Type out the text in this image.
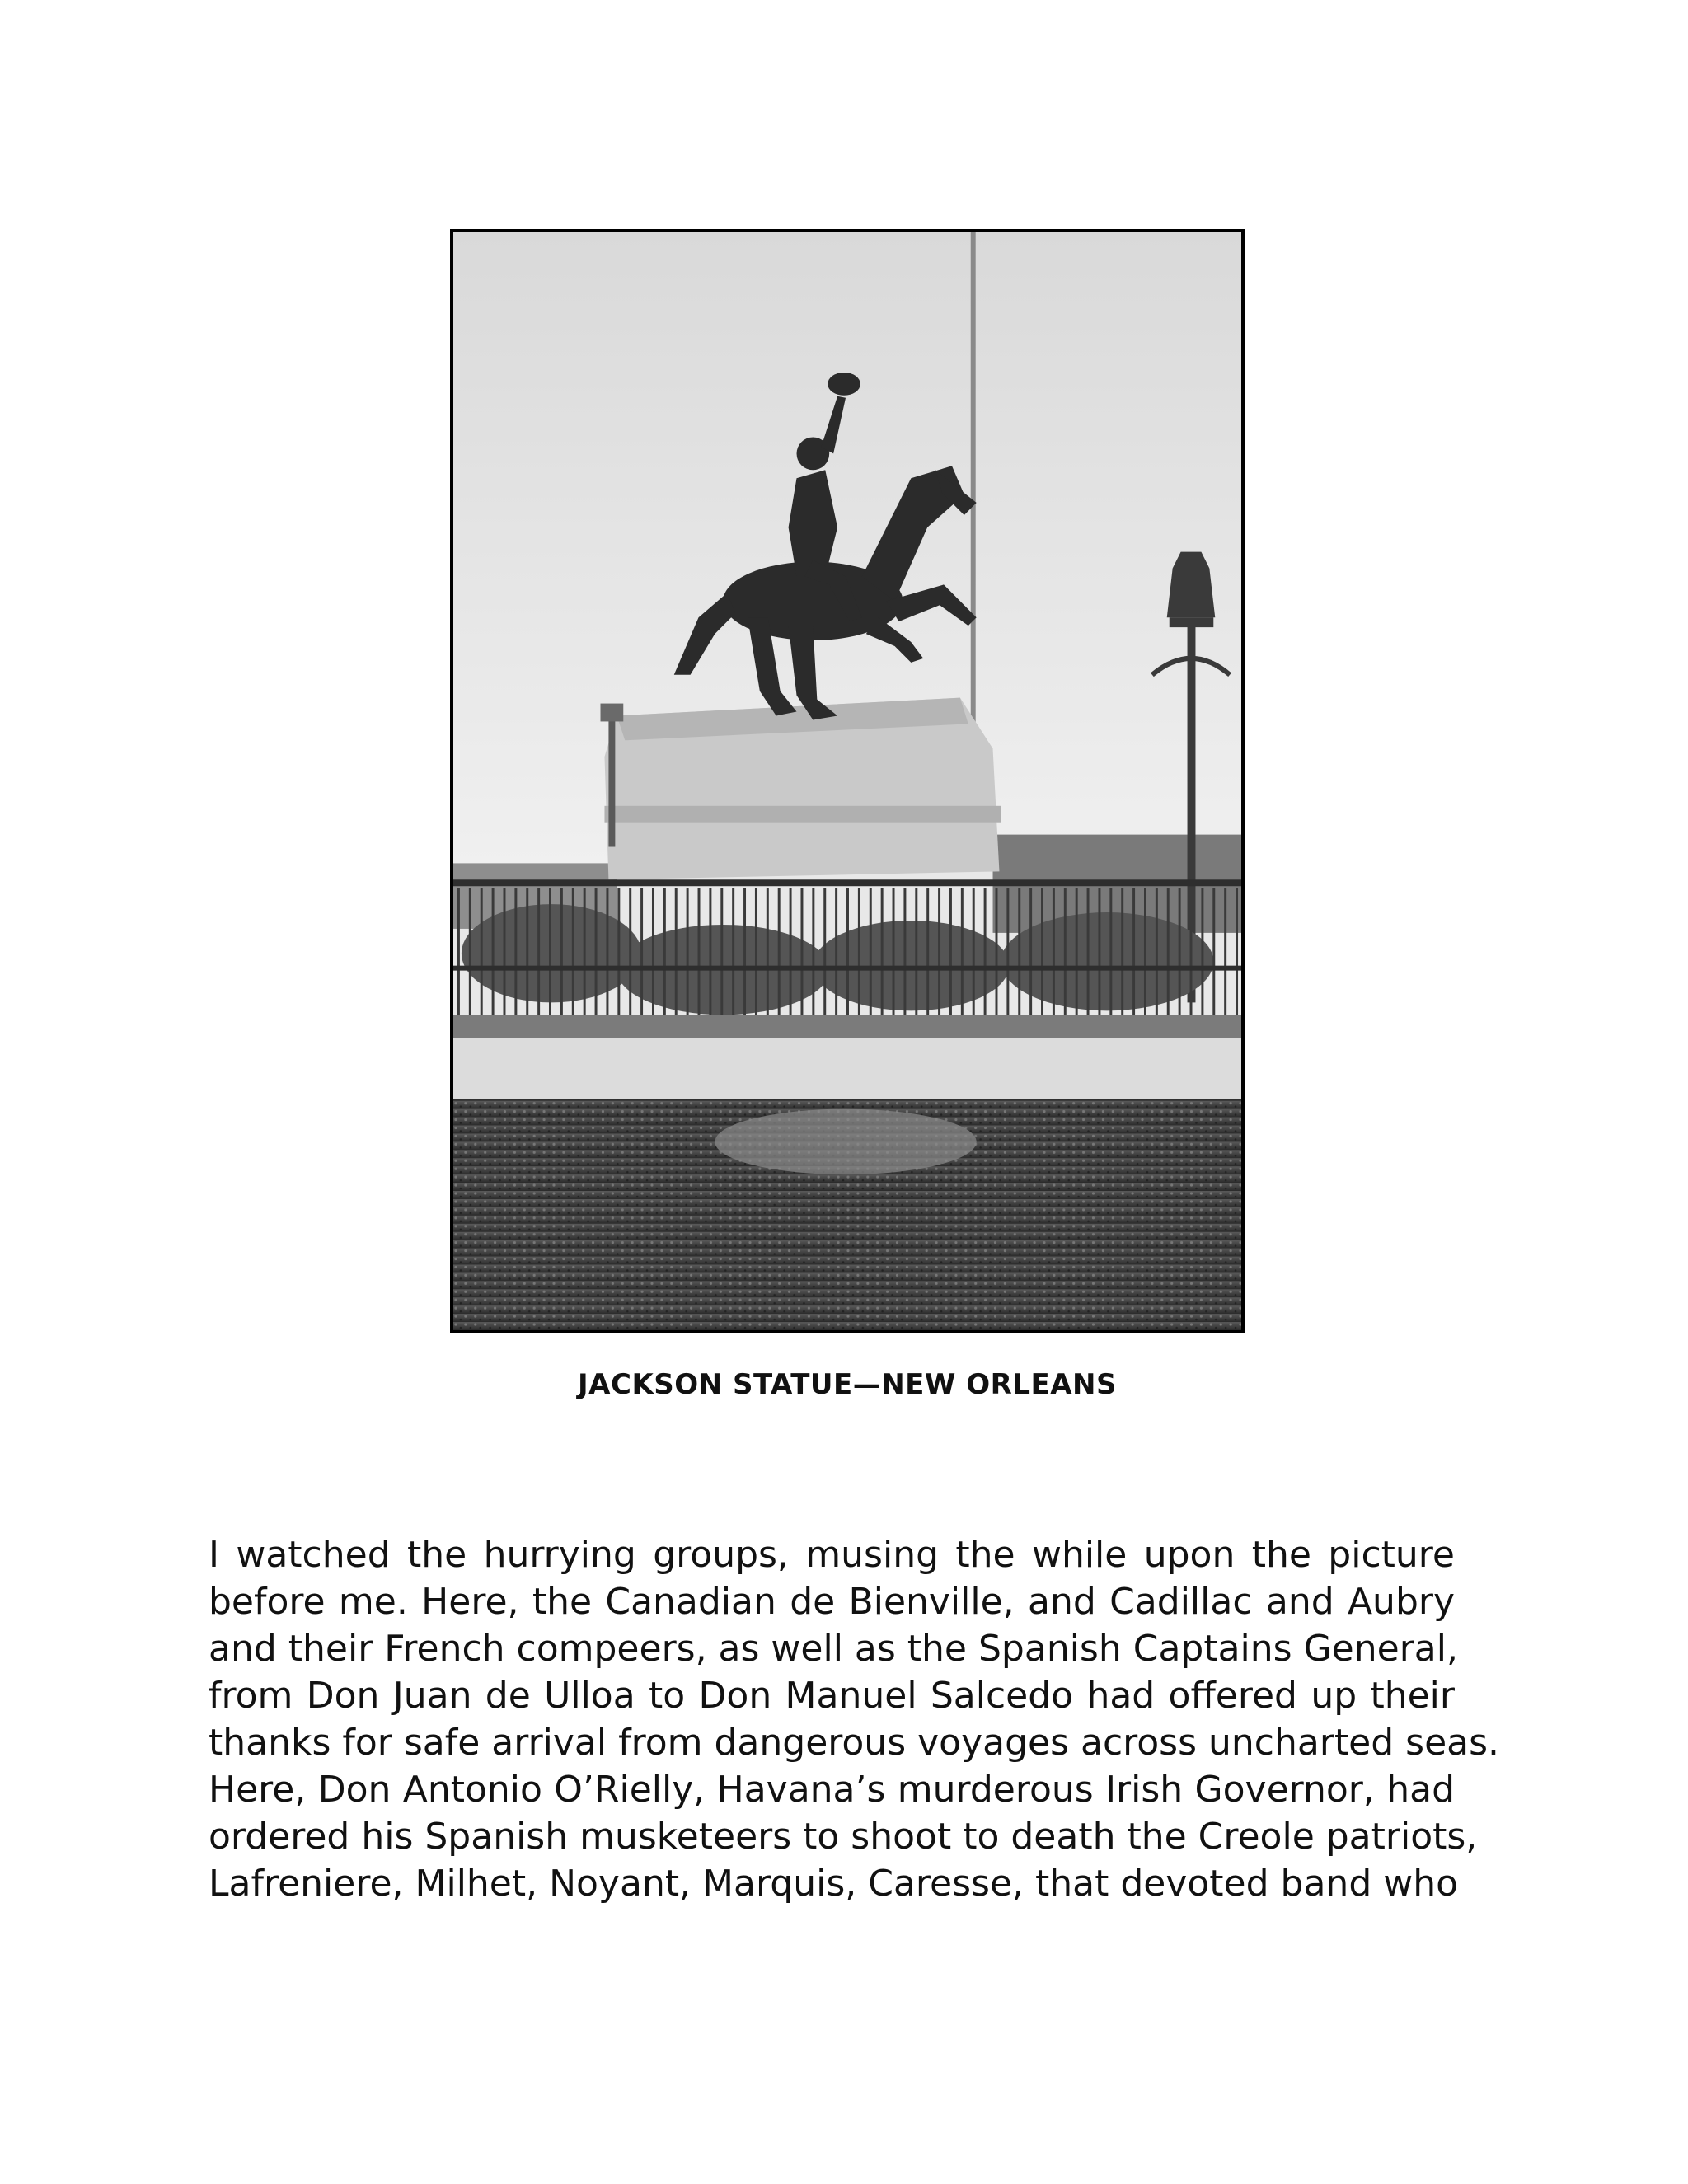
JACKSON STATUE—NEW ORLEANS

I watched the hurrying groups, musing the while upon the picture
before me. Here, the Canadian de Bienville, and Cadillac and Aubry
and their French compeers, as well as the Spanish Captains General,
from Don Juan de Ulloa to Don Manuel Salcedo had offered up their
thanks for safe arrival from dangerous voyages across uncharted seas.
Here, Don Antonio O’Rielly, Havana’s murderous Irish Governor, had
ordered his Spanish musketeers to shoot to death the Creole patriots,
Lafreniere, Milhet, Noyant, Marquis, Caresse, that devoted band who
